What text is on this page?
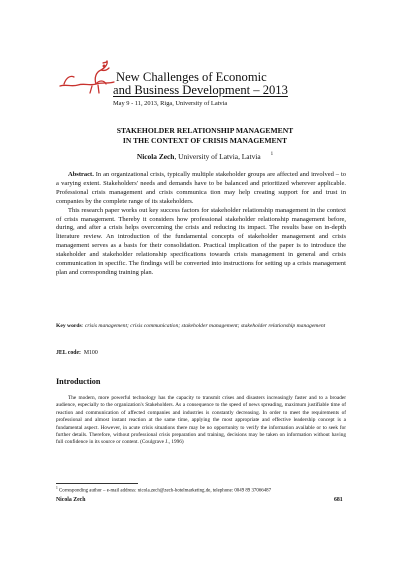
New Challenges of Economic
and Business Development – 2013
May 9 - 11, 2013, Riga, University of Latvia
STAKEHOLDER RELATIONSHIP MANAGEMENT
IN THE CONTEXT OF CRISIS MANAGEMENT
Nicola Zech, University of Latvia, Latvia $^1$

Abstract. In an organizational crisis, typically multiple stakeholder groups are affected and involved – to a varying extent. Stakeholders' needs and demands have to be balanced and prioritized wherever applicable. Professional crisis management and crisis communica tion may help creating support for and trust in companies by the complete range of its stakeholders.

This research paper works out key success factors for stakeholder relationship management in the context of crisis management. Thereby it considers how professional stakeholder relationship management before, during, and after a crisis helps overcoming the crisis and reducing its impact. The results base on in-depth literature review. An introduction of the fundamental concepts of stakeholder management and crisis management serves as a basis for their consolidation. Practical implication of the paper is to introduce the stakeholder and stakeholder relationship specifications towards crisis management in general and crisis communication in specific. The findings will be converted into instructions for setting up a crisis management plan and corresponding training plan.

Key words: crisis management; crisis communication; stakeholder management; stakeholder relationship management
JEL code: M100
Introduction

The modern, more powerful technology has the capacity to transmit crises and disasters increasingly faster and to a broader audience, especially to the organization's Stakeholders. As a consequence to the speed of news spreading, maximum justifiable time of reaction and communication of affected companies and industries is constantly decreasing. In order to meet the requirements of professional and almost instant reaction at the same time, applying the most appropriate and effective leadership concept is a fundamental aspect. However, in acute crisis situations there may be no opportunity to verify the information available or to seek for further details. Therefore, without professional crisis preparation and training, decisions may be taken on information without having full confidence in its source or content. (Coulgrave J., 1996)

$^1$ Corresponding author – e-mail address: nicola.zech@zech-hotelmarketing.de, telephone: 0049 89 37066487
Nicola Zech	681
